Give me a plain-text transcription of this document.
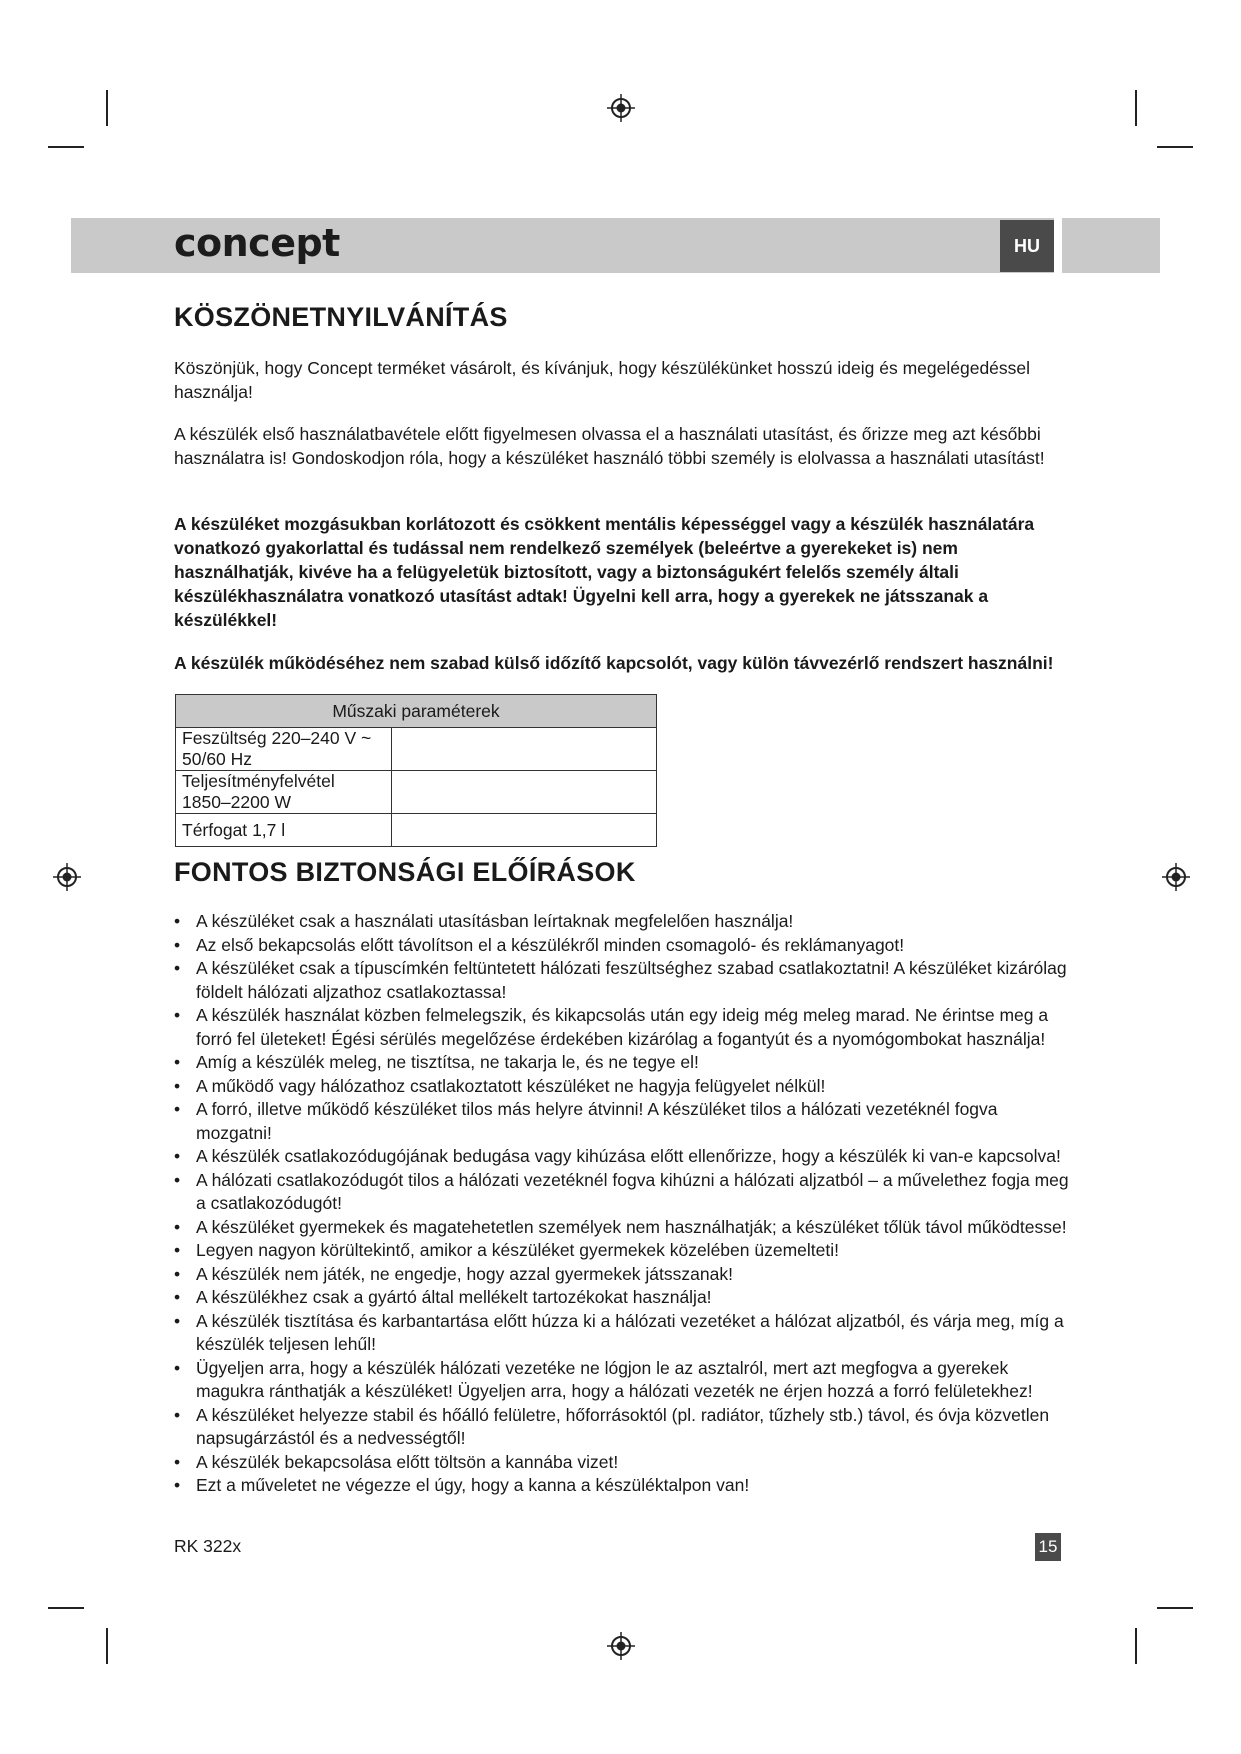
concept	HU
KÖSZÖNETNYILVÁNÍTÁS

Köszönjük, hogy Concept terméket vásárolt, és kívánjuk, hogy készülékünket hosszú ideig és megelégedéssel használja!

A készülék első használatbavétele előtt figyelmesen olvassa el a használati utasítást, és őrizze meg azt későbbi használatra is! Gondoskodjon róla, hogy a készüléket használó többi személy is elolvassa a használati utasítást!

A készüléket mozgásukban korlátozott és csökkent mentális képességgel vagy a készülék használatára vonatkozó gyakorlattal és tudással nem rendelkező személyek (beleértve a gyerekeket is) nem használhatják, kivéve ha a felügyeletük biztosított, vagy a biztonságukért felelős személy általi készülékhasználatra vonatkozó utasítást adtak! Ügyelni kell arra, hogy a gyerekek ne játsszanak a készülékkel!

A készülék működéséhez nem szabad külső időzítő kapcsolót, vagy külön távvezérlő rendszert használni!

Műszaki paraméterek	
Feszültség 220–240 V ~ 50/60 Hz	
Teljesítményfelvétel 1850–2200 W	
Térfogat 1,7 l	
FONTOS BIZTONSÁGI ELŐÍRÁSOK
• A készüléket csak a használati utasításban leírtaknak megfelelően használja!
• Az első bekapcsolás előtt távolítson el a készülékről minden csomagoló- és reklámanyagot!
• A készüléket csak a típuscímkén feltüntetett hálózati feszültséghez szabad csatlakoztatni! A készüléket kizárólag földelt hálózati aljzathoz csatlakoztassa!
• A készülék használat közben felmelegszik, és kikapcsolás után egy ideig még meleg marad. Ne érintse meg a forró fel ületeket! Égési sérülés megelőzése érdekében kizárólag a fogantyút és a nyomógombokat használja!
• Amíg a készülék meleg, ne tisztítsa, ne takarja le, és ne tegye el!
• A működő vagy hálózathoz csatlakoztatott készüléket ne hagyja felügyelet nélkül!
• A forró, illetve működő készüléket tilos más helyre átvinni! A készüléket tilos a hálózati vezetéknél fogva mozgatni!
• A készülék csatlakozódugójának bedugása vagy kihúzása előtt ellenőrizze, hogy a készülék ki van-e kapcsolva!
• A hálózati csatlakozódugót tilos a hálózati vezetéknél fogva kihúzni a hálózati aljzatból – a művelethez fogja meg a csatlakozódugót!
• A készüléket gyermekek és magatehetetlen személyek nem használhatják; a készüléket tőlük távol működtesse!
• Legyen nagyon körültekintő, amikor a készüléket gyermekek közelében üzemelteti!
• A készülék nem játék, ne engedje, hogy azzal gyermekek játsszanak!
• A készülékhez csak a gyártó által mellékelt tartozékokat használja!
• A készülék tisztítása és karbantartása előtt húzza ki a hálózati vezetéket a hálózat aljzatból, és várja meg, míg a készülék teljesen lehűl!
• Ügyeljen arra, hogy a készülék hálózati vezetéke ne lógjon le az asztalról, mert azt megfogva a gyerekek magukra ránthatják a készüléket! Ügyeljen arra, hogy a hálózati vezeték ne érjen hozzá a forró felületekhez!
• A készüléket helyezze stabil és hőálló felületre, hőforrásoktól (pl. radiátor, tűzhely stb.) távol, és óvja közvetlen napsugárzástól és a nedvességtől!
• A készülék bekapcsolása előtt töltsön a kannába vizet!
• Ezt a műveletet ne végezze el úgy, hogy a kanna a készüléktalpon van!
RK 322x	15
